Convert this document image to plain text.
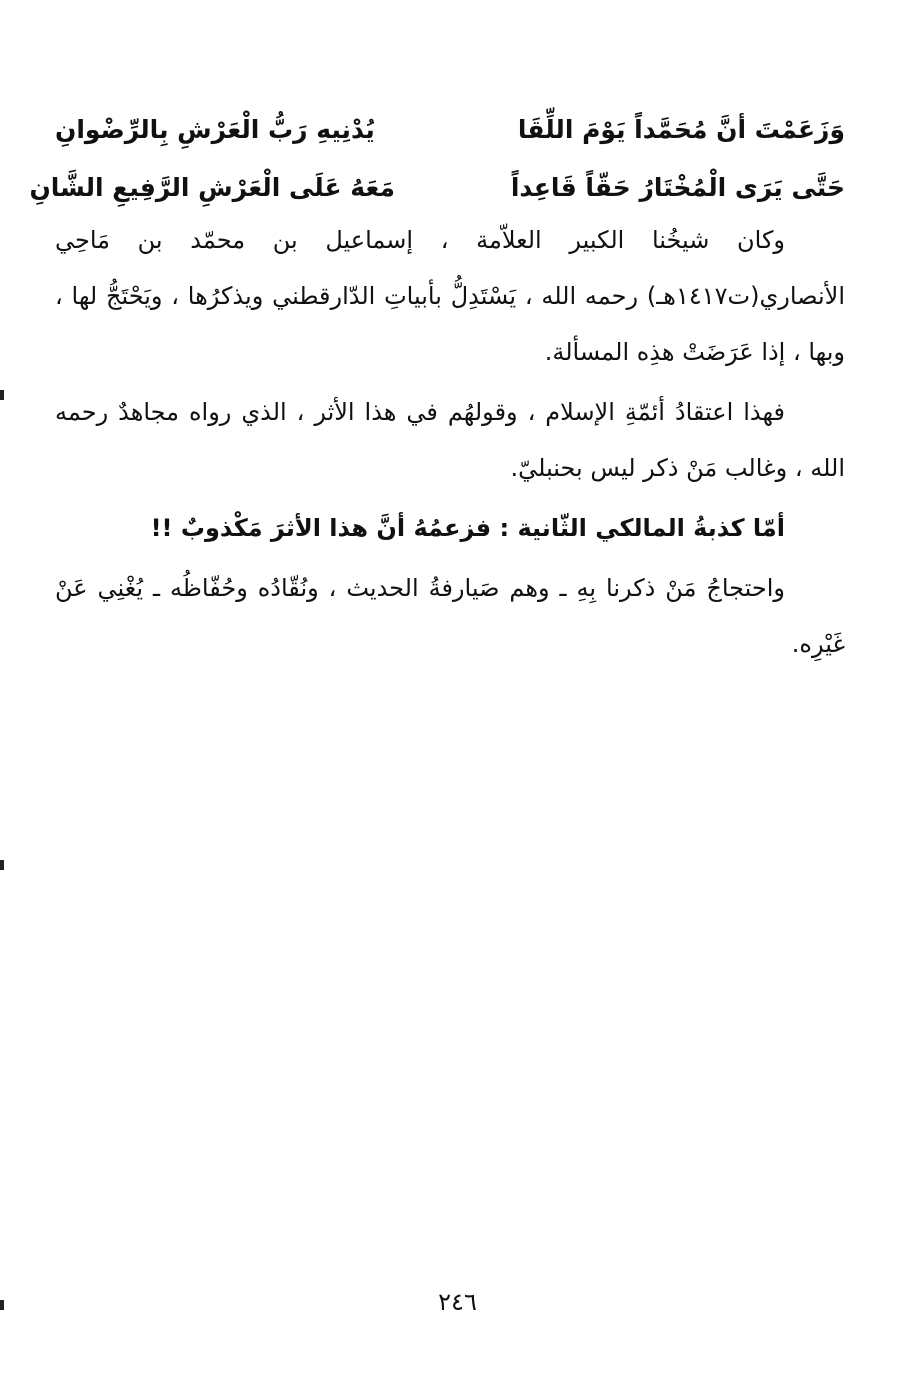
وَزَعَمْتَ أنَّ مُحَمَّداً يَوْمَ اللِّقَا
يُدْنِيهِ رَبُّ الْعَرْشِ بِالرِّضْوانِ
حَتَّى يَرَى الْمُخْتَارُ حَقّاً قَاعِداً
مَعَهُ عَلَى الْعَرْشِ الرَّفِيعِ الشَّانِ

وكان شيخُنا الكبير العلاّمة ، إسماعيل بن محمّد بن مَاحِي الأنصاري(ت١٤١٧هـ) رحمه الله ، يَسْتَدِلُّ بأبياتِ الدّارقطني ويذكرُها ، ويَحْتَجُّ لها ، وبها ، إذا عَرَضَتْ هذِه المسألة.

فهذا اعتقادُ أئمّةِ الإسلام ، وقولهُم في هذا الأثر ، الذي رواه مجاهدٌ رحمه الله ، وغالب مَنْ ذكر ليس بحنبليّ.

أمّا كذبةُ المالكي الثّانية : فزعمُهُ أنَّ هذا الأثرَ مَكْذوبٌ !!

واحتجاجُ مَنْ ذكرنا بِهِ ـ وهم صَيارفةُ الحديث ، ونُقّادُه وحُفّاظُه ـ يُغْنِي عَنْ غَيْرِه.

٢٤٦
